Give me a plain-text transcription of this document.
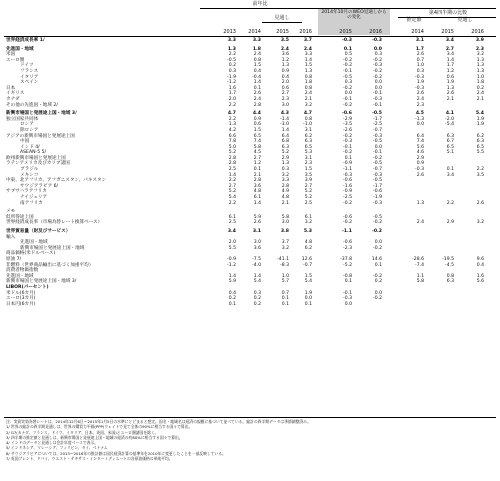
前年比
見通し
2014年10月のWEO見通しからの変化
第4四半期の比較
推定値	見通し
2013	2014	2015	2016	2015	2016	2014	2015	2016
世界経済成長率 1/	3.3	3.3	3.5	3.7	-0.3	-0.3	3.1	3.4	3.9
先進国・地域	1.3	1.8	2.4	2.4	0.1	0.0	1.7	2.7	2.3
米国	2.2	2.4	3.6	3.3	0.5	0.3	2.6	3.4	3.2
ユーロ圏	-0.5	0.8	1.2	1.4	-0.2	-0.2	0.7	1.4	1.3
ドイツ	0.2	1.5	1.3	1.5	-0.2	-0.3	1.0	1.7	1.3
フランス	0.3	0.4	0.9	1.3	-0.1	-0.2	0.3	1.2	1.3
イタリア	-1.9	-0.4	0.4	0.8	-0.5	-0.2	-0.3	0.6	1.0
スペイン	-1.2	1.4	2.0	1.8	0.3	0.0	1.9	1.9	1.8
日本	1.6	0.1	0.6	0.8	-0.2	0.0	-0.3	1.3	0.2
イギリス	1.7	2.6	2.7	2.4	0.0	-0.1	2.6	2.6	2.4
カナダ	2.0	2.4	2.3	2.1	-0.1	-0.3	2.4	2.1	2.1
その他の先進国・地域 2/	2.2	2.8	3.0	3.2	-0.2	-0.1	2.3
新興市場国と発展途上国・地域 3/	4.7	4.4	4.3	4.7	-0.6	-0.5	4.5	4.1	5.4
独立国家共同体	2.2	0.9	-1.4	0.8	-2.9	-1.7	-1.3	-2.0	1.9
ロシア	1.3	0.6	-3.0	-1.0	-3.5	-2.5	0.0	-5.4	1.9
除ロシア	4.2	1.5	1.4	3.1	-2.6	-0.7
アジアの新興市場国と発展途上国	6.6	6.5	6.4	6.2	-0.2	-0.3	6.4	6.3	6.2
中国	7.8	7.4	6.8	6.3	-0.3	-0.5	7.4	6.7	6.3
インド 4/	5.0	5.8	6.3	6.5	-0.1	0.0	5.6	6.5	6.5
ASEAN-5 5/	5.2	4.5	5.2	5.3	-0.2	-0.1	4.6	5.1	5.5
欧州新興市場国と発展途上国	2.8	2.7	2.9	3.1	0.1	-0.2	2.9
ラテンアメリカ及びカリブ諸国	2.8	1.2	1.3	2.3	-0.9	-0.5	0.9
ブラジル	2.5	0.1	0.3	1.5	-1.1	-0.7	-0.3	0.1	2.2
メキシコ	1.4	2.1	3.2	3.5	-0.3	-0.3	2.6	3.4	3.5
中東、北アフリカ、アフガニスタン、パキスタン	2.2	2.8	3.3	3.9	-0.6	-0.5
サウジアラビア 6/	2.7	3.6	2.8	2.7	-1.6	-1.7
サブサハラアフリカ	5.2	4.8	4.9	5.2	-0.9	-0.6
ナイジェリア	5.4	6.1	4.8	5.2	-2.5	-1.9
南アフリカ	2.2	1.4	2.1	2.5	-0.2	-0.3	1.3	2.2	2.6
メモ
低所得途上国	6.1	5.9	5.8	6.1	-0.6	-0.5
世界経済成長率（市場為替レート換算ベース）	2.5	2.6	3.0	3.2	-0.2	-0.2	2.4	2.9	3.2
世界貿易量（財及びサービス）	3.4	3.1	3.8	5.3	-1.1	-0.2
輸入
先進国・地域	2.0	3.0	3.7	4.8	-0.6	0.0
新興市場国と発展途上国・地域	5.5	3.6	3.2	6.2	-2.3	-0.2
商品価格(米ドルベース)
原油 7/	-0.9	-7.5	-41.1	12.6	-37.8	14.6	-28.6	-19.5	9.6
非燃料（世界商品輸出に基づく加重平均）	-1.2	-4.0	-8.3	-0.7	-5.2	0.1	-7.4	-4.5	0.4
消費者物価指数
先進国・地域	1.4	1.4	1.0	1.5	-0.8	-0.2	1.1	0.8	1.6
新興市場国と発展途上国・地域 3/	5.9	5.4	5.7	5.4	0.1	0.2	5.8	6.3	5.6
LIBOR(パーセント)
米ドル(6カ月)	0.4	0.3	0.7	1.9	-0.1	0.0
ユーロ(3カ月)	0.2	0.2	0.1	0.0	-0.3	-0.2
日本円(6カ月)	0.1	0.2	0.1	0.1	0.0
注：実質実効為替レートは、2014年12月6日～2015年1月5日の水準にとどまると想定。国名・地域名は経済の規模に基づいて並べている。総計の四半期データは季節調整済み。
1/ 世界の総計の四半期見通しは、世界の購買力平価(PPP)ウェイトで見て全体の90%に相当する国々で算出。
2/ G7(カナダ、フランス、ドイツ、イタリア、日本、英国、米国)とユーロ圏諸国を除く。
3/ 四半期の推定値と見通しは、新興市場国と発展途上国・地域の経済の約80%に相当する国々で算出。
4/ インドのデータと見通しは会計年度ベースで表示。
5/ インドネシア、マレーシア、フィリピン、タイ、ベトナム
6/ サウジアラビアについては、2013～2016年の推計値は国民経済計算の基準年を2010年に変更したことを一部反映している。
7/ 英国ブレント、ドバイ、ウエスト・テキサス・インターミディエートの各原油価格の単純平均。
